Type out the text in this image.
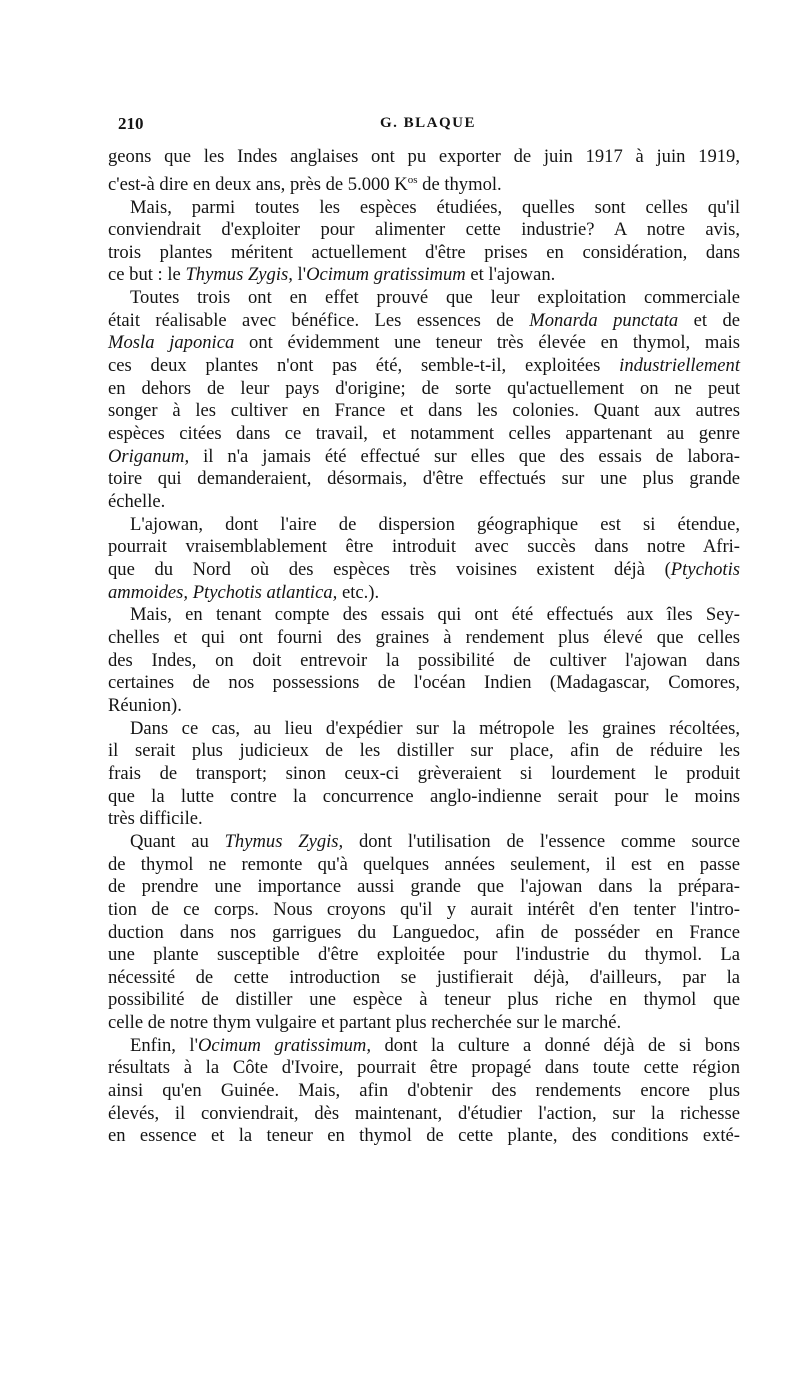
210	G. BLAQUE

geons que les Indes anglaises ont pu exporter de juin 1917 à juin 1919,
c'est-à dire en deux ans, près de 5.000 $K^{os}$ de thymol.

Mais, parmi toutes les espèces étudiées, quelles sont celles qu'il
conviendrait d'exploiter pour alimenter cette industrie? A notre avis,
trois plantes méritent actuellement d'être prises en considération, dans
ce but : le Thymus Zygis, l'Ocimum gratissimum et l'ajowan.

Toutes trois ont en effet prouvé que leur exploitation commerciale
était réalisable avec bénéfice. Les essences de Monarda punctata et de
Mosla japonica ont évidemment une teneur très élevée en thymol, mais
ces deux plantes n'ont pas été, semble-t-il, exploitées industriellement
en dehors de leur pays d'origine; de sorte qu'actuellement on ne peut
songer à les cultiver en France et dans les colonies. Quant aux autres
espèces citées dans ce travail, et notamment celles appartenant au genre
Origanum, il n'a jamais été effectué sur elles que des essais de labora-
toire qui demanderaient, désormais, d'être effectués sur une plus grande
échelle.

L'ajowan, dont l'aire de dispersion géographique est si étendue,
pourrait vraisemblablement être introduit avec succès dans notre Afri-
que du Nord où des espèces très voisines existent déjà (Ptychotis
ammoides, Ptychotis atlantica, etc.).

Mais, en tenant compte des essais qui ont été effectués aux îles Sey-
chelles et qui ont fourni des graines à rendement plus élevé que celles
des Indes, on doit entrevoir la possibilité de cultiver l'ajowan dans
certaines de nos possessions de l'océan Indien (Madagascar, Comores,
Réunion).

Dans ce cas, au lieu d'expédier sur la métropole les graines récoltées,
il serait plus judicieux de les distiller sur place, afin de réduire les
frais de transport; sinon ceux-ci grèveraient si lourdement le produit
que la lutte contre la concurrence anglo-indienne serait pour le moins
très difficile.

Quant au Thymus Zygis, dont l'utilisation de l'essence comme source
de thymol ne remonte qu'à quelques années seulement, il est en passe
de prendre une importance aussi grande que l'ajowan dans la prépara-
tion de ce corps. Nous croyons qu'il y aurait intérêt d'en tenter l'intro-
duction dans nos garrigues du Languedoc, afin de posséder en France
une plante susceptible d'être exploitée pour l'industrie du thymol. La
nécessité de cette introduction se justifierait déjà, d'ailleurs, par la
possibilité de distiller une espèce à teneur plus riche en thymol que
celle de notre thym vulgaire et partant plus recherchée sur le marché.

Enfin, l'Ocimum gratissimum, dont la culture a donné déjà de si bons
résultats à la Côte d'Ivoire, pourrait être propagé dans toute cette région
ainsi qu'en Guinée. Mais, afin d'obtenir des rendements encore plus
élevés, il conviendrait, dès maintenant, d'étudier l'action, sur la richesse
en essence et la teneur en thymol de cette plante, des conditions exté-
